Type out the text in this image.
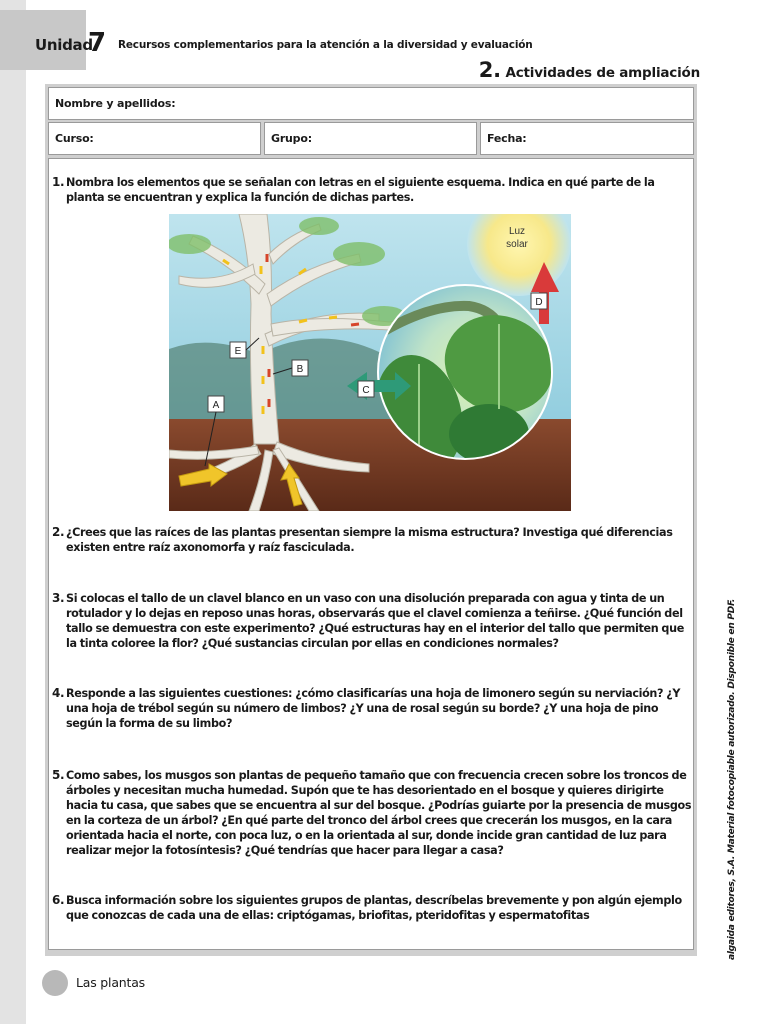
Unidad
7 Recursos complementarios para la atención a la diversidad y evaluación
2. Actividades de ampliación
Nombre y apellidos:
Curso:	Grupo:	Fecha:
1. Nombra los elementos que se señalan con letras en el siguiente esquema. Indica en qué parte de la planta se encuentran y explica la función de dichas partes.
2. ¿Crees que las raíces de las plantas presentan siempre la misma estructura? Investiga qué diferencias existen entre raíz axonomorfa y raíz fasciculada.
3. Si colocas el tallo de un clavel blanco en un vaso con una disolución preparada con agua y tinta de un rotulador y lo dejas en reposo unas horas, observarás que el clavel comienza a teñirse. ¿Qué función del tallo se demuestra con este experimento? ¿Qué estructuras hay en el interior del tallo que permiten que la tinta coloree la flor? ¿Qué sustancias circulan por ellas en condiciones normales?
4. Responde a las siguientes cuestiones: ¿cómo clasificarías una hoja de limonero según su nerviación? ¿Y una hoja de trébol según su número de limbos? ¿Y una de rosal según su borde? ¿Y una hoja de pino según la forma de su limbo?
5. Como sabes, los musgos son plantas de pequeño tamaño que con frecuencia crecen sobre los troncos de árboles y necesitan mucha humedad. Supón que te has desorientado en el bosque y quieres dirigirte hacia tu casa, que sabes que se encuentra al sur del bosque. ¿Podrías guiarte por la presencia de musgos en la corteza de un árbol? ¿En qué parte del tronco del árbol crees que crecerán los musgos, en la cara orientada hacia el norte, con poca luz, o en la orientada al sur, donde incide gran cantidad de luz para realizar mejor la fotosíntesis? ¿Qué tendrías que hacer para llegar a casa?
6. Busca información sobre los siguientes grupos de plantas, descríbelas brevemente y pon algún ejemplo que conozcas de cada una de ellas: criptógamas, briofitas, pteridofitas y espermatofitas
Luz
solar
A
B
C
D
E
algaida editores, S.A. Material fotocopiable autorizado. Disponible en PDF.
Las plantas
